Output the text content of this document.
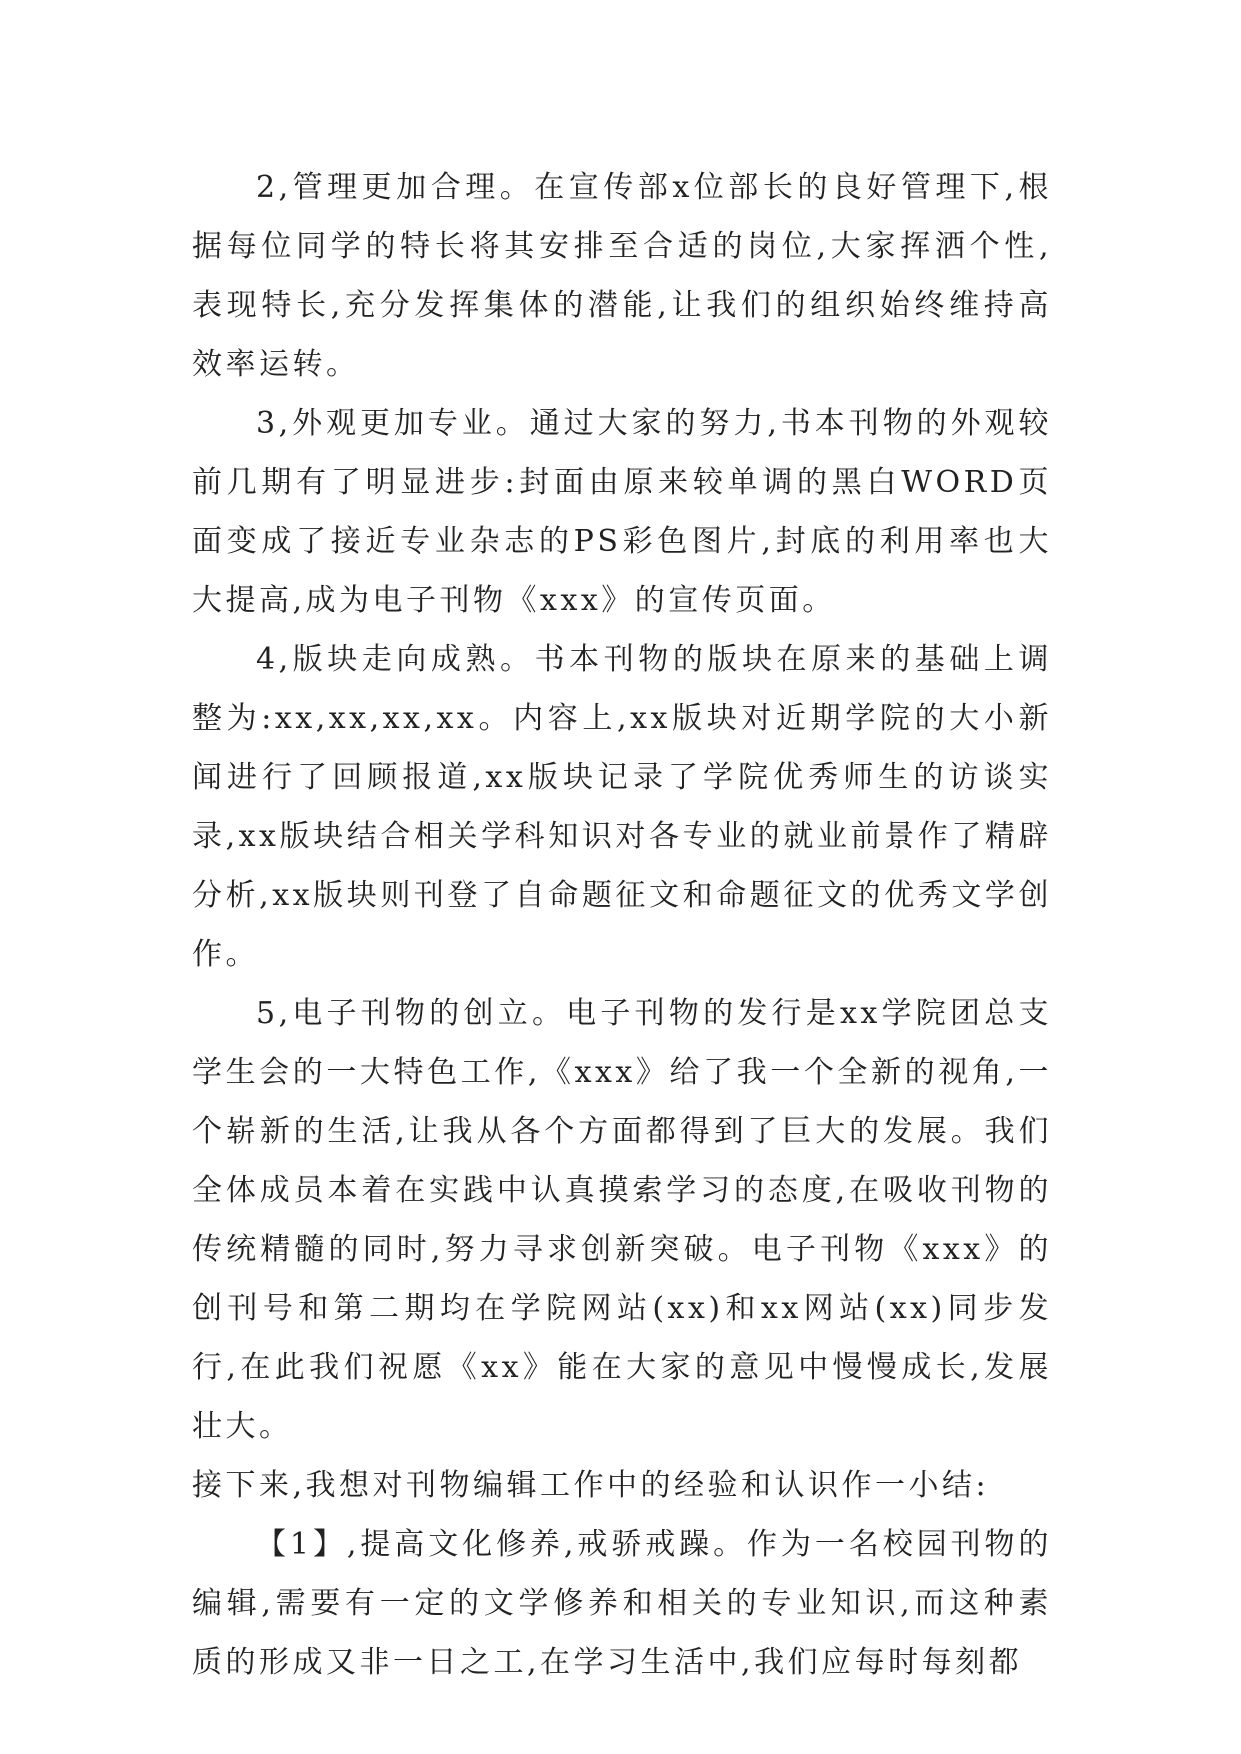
2,管理更加合理。在宣传部x位部长的良好管理下,根据每位同学的特长将其安排至合适的岗位,大家挥洒个性,表现特长,充分发挥集体的潜能,让我们的组织始终维持高效率运转。

3,外观更加专业。通过大家的努力,书本刊物的外观较前几期有了明显进步:封面由原来较单调的黑白WORD页面变成了接近专业杂志的PS彩色图片,封底的利用率也大大提高,成为电子刊物《xxx》的宣传页面。

4,版块走向成熟。书本刊物的版块在原来的基础上调整为:xx,xx,xx,xx。内容上,xx版块对近期学院的大小新闻进行了回顾报道,xx版块记录了学院优秀师生的访谈实录,xx版块结合相关学科知识对各专业的就业前景作了精辟分析,xx版块则刊登了自命题征文和命题征文的优秀文学创作。

5,电子刊物的创立。电子刊物的发行是xx学院团总支学生会的一大特色工作,《xxx》给了我一个全新的视角,一个崭新的生活,让我从各个方面都得到了巨大的发展。我们全体成员本着在实践中认真摸索学习的态度,在吸收刊物的传统精髓的同时,努力寻求创新突破。电子刊物《xxx》的创刊号和第二期均在学院网站(xx)和xx网站(xx)同步发行,在此我们祝愿《xx》能在大家的意见中慢慢成长,发展壮大。

接下来,我想对刊物编辑工作中的经验和认识作一小结:

【1】,提高文化修养,戒骄戒躁。作为一名校园刊物的编辑,需要有一定的文学修养和相关的专业知识,而这种素质的形成又非一日之工,在学习生活中,我们应每时每刻都
